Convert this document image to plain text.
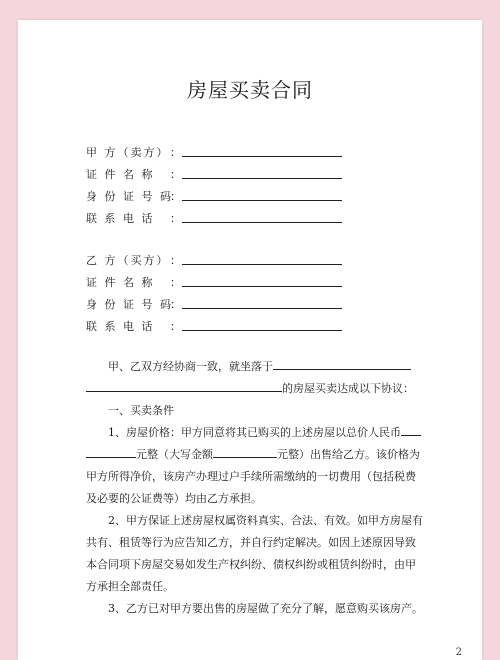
房屋买卖合同
甲 方（卖方） ：
证 件 名 称 ：
身 份 证 号 码
：
联 系 电 话 ：
乙 方（买方） ：
证 件 名 称 ：
身 份 证 号 码
：
联 系 电 话 ：

甲、乙双方经协商一致，就坐落于
的房屋买卖达成以下协议：

一、买卖条件

1、房屋价格：甲方同意将其已购买的上述房屋以总价人民币
元整（大写金额	元整）出售给乙方。该价格为甲方所得净价，该房产办理过户手续所需缴纳的一切费用（包括税费及必要的公证费等）均由乙方承担。

2、甲方保证上述房屋权属资料真实、合法、有效。如甲方房屋有共有、租赁等行为应告知乙方，并自行约定解决。如因上述原因导致本合同项下房屋交易如发生产权纠纷、债权纠纷或租赁纠纷时，由甲方承担全部责任。

3、乙方已对甲方要出售的房屋做了充分了解，愿意购买该房产。

2
